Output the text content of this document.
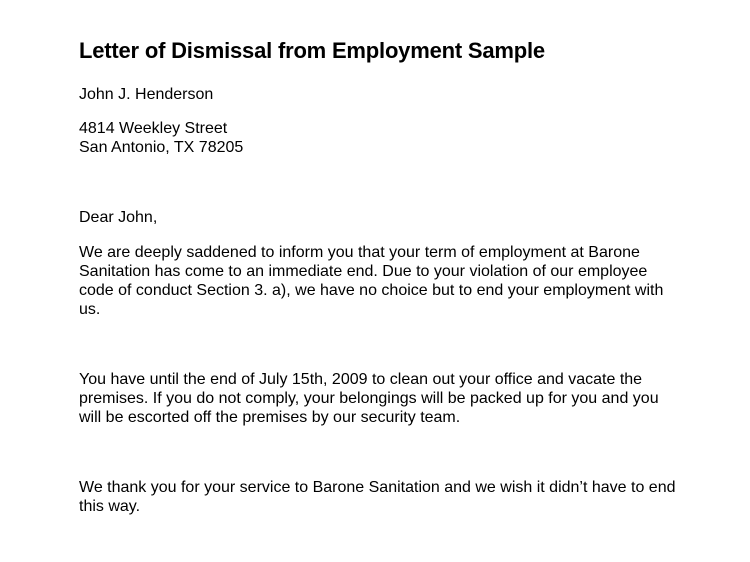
Letter of Dismissal from Employment Sample

John J. Henderson

4814 Weekley Street

San Antonio, TX 78205

Dear John,

We are deeply saddened to inform you that your term of employment at Barone Sanitation has come to an immediate end. Due to your violation of our employee code of conduct Section 3. a), we have no choice but to end your employment with us.

You have until the end of July 15th, 2009 to clean out your office and vacate the premises. If you do not comply, your belongings will be packed up for you and you will be escorted off the premises by our security team.

We thank you for your service to Barone Sanitation and we wish it didn’t have to end this way.
